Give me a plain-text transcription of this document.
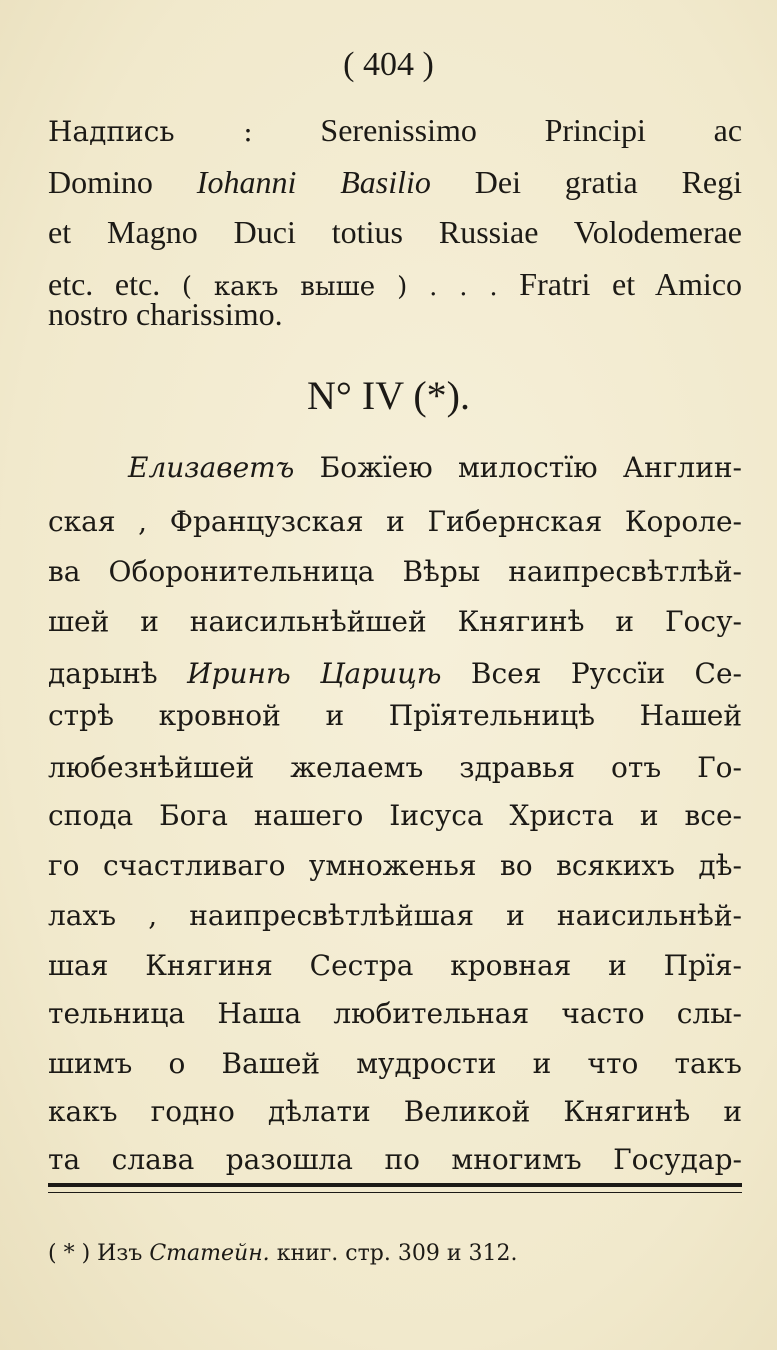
( 404 )
Надпись : Serenissimo Principi ac
Domino Iohanni Basilio Dei gratia Regi
et Magno Duci totius Russiae Volodemerae
etc. etc. ( какъ выше ) . . . Fratri et Amico
nostro charissimo.
N° IV (*).
Елизаветъ Божїею милостїю Англин-
ская , Французская и Гибернская Короле-
ва Оборонительница Вѣры наипресвѣтлѣй-
шей и наисильнѣйшей Княгинѣ и Госу-
дарынѣ Иринѣ Царицѣ Всея Руссїи Се-
стрѣ кровной и Прїятельницѣ Нашей
любезнѣйшей желаемъ здравья отъ Го-
спода Бога нашего Iисуса Христа и все-
го счастливаго умноженья во всякихъ дѣ-
лахъ , наипресвѣтлѣйшая и наисильнѣй-
шая Княгиня Сестра кровная и Прїя-
тельница Наша любительная часто слы-
шимъ о Вашей мудрости и что такъ
какъ годно дѣлати Великой Княгинѣ и
та слава разошла по многимъ Государ-
( * ) Изъ Статейн. книг. стр. 309 и 312.
